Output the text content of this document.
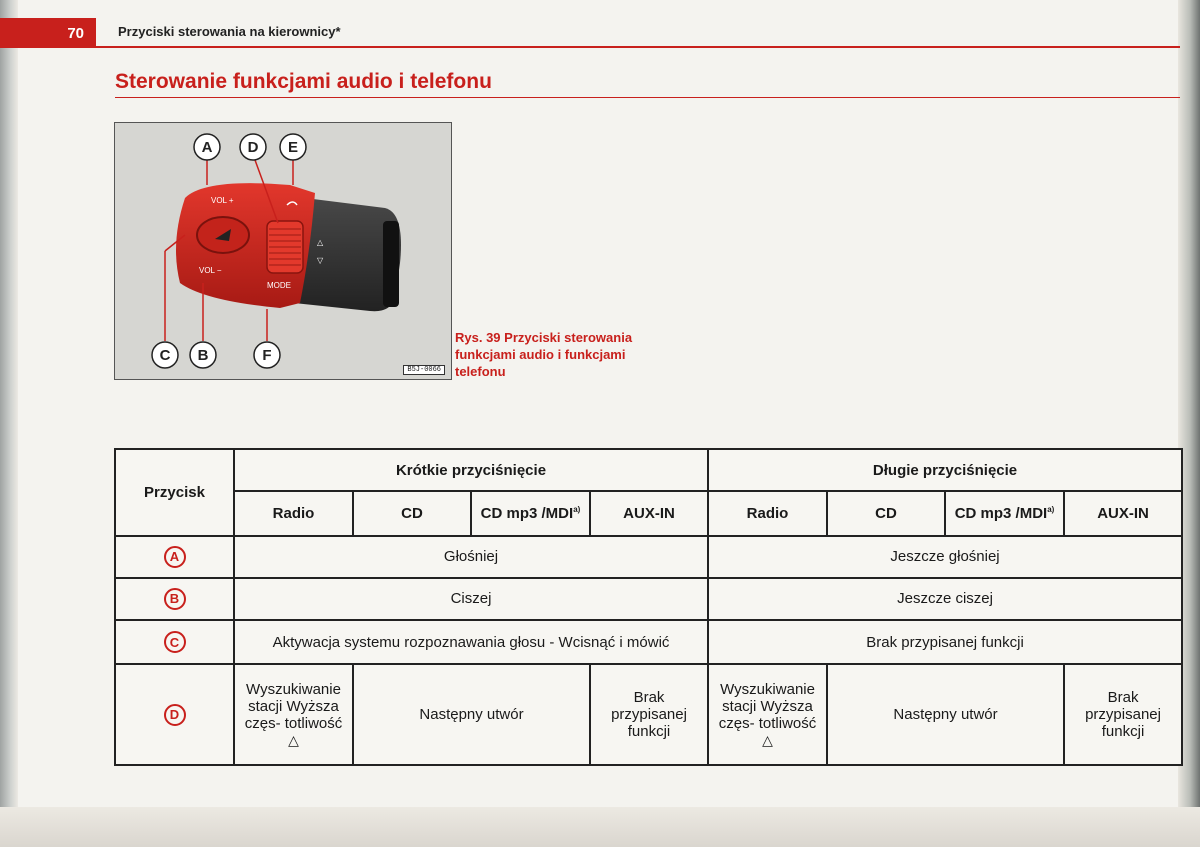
70	Przyciski sterowania na kierownicy*
Sterowanie funkcjami audio i telefonu
VOL +
VOL −
MODE
△
▽
A D E
C B	F
B5J-0066
Rys. 39 Przyciski sterowania funkcjami audio i funkcjami telefonu
Przycisk	Krótkie przyciśnięcie				Długie przyciśnięcie			
	Radio	CD	CD mp3 /MDI$^{a)}$	AUX-IN	Radio	CD	CD mp3 /MDI$^{a)}$	AUX-IN
A	Głośniej				Jeszcze głośniej			
B	Ciszej				Jeszcze ciszej			
C	Aktywacja systemu rozpoznawania głosu - Wcisnąć i mówić				Brak przypisanej funkcji			
D	Wyszukiwanie stacji Wyższa częs- totliwość △	Następny utwór		Brak przypisanej funkcji	Wyszukiwanie stacji Wyższa częs- totliwość △	Następny utwór		Brak przypisanej funkcji
